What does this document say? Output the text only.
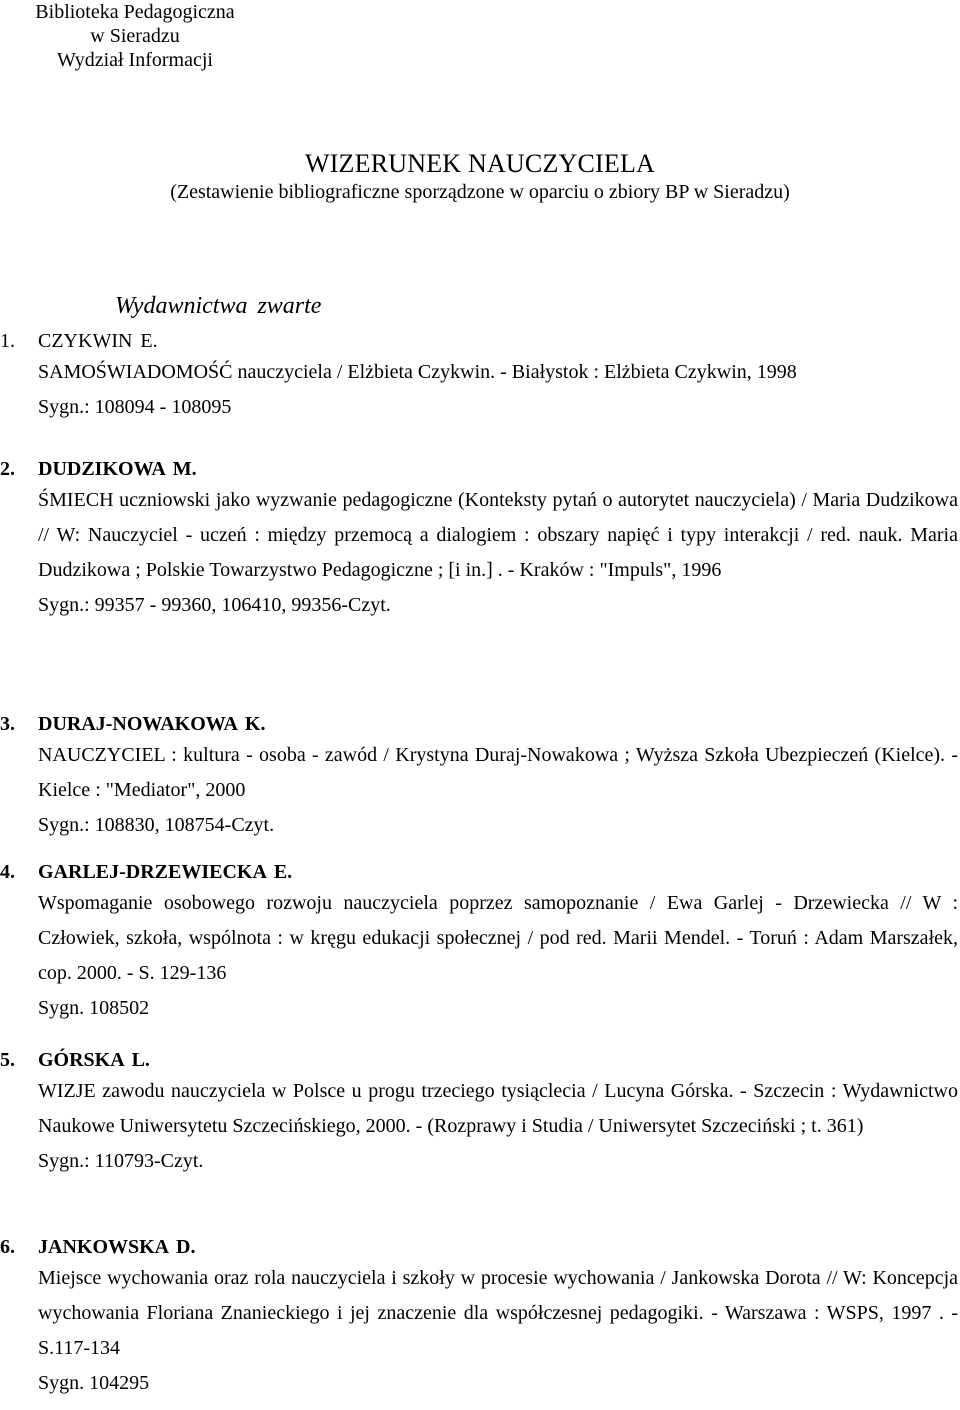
Biblioteka Pedagogiczna
w Sieradzu
Wydział Informacji
WIZERUNEK NAUCZYCIELA
(Zestawienie bibliograficzne sporządzone w oparciu o zbiory BP w Sieradzu)
Wydawnictwa zwarte
1.	CZYKWIN E.
SAMOŚWIADOMOŚĆ nauczyciela / Elżbieta Czykwin. - Białystok : Elżbieta Czykwin, 1998
Sygn.: 108094 - 108095
2.	DUDZIKOWA M.
ŚMIECH uczniowski jako wyzwanie pedagogiczne (Konteksty pytań o autorytet nauczyciela) / Maria Dudzikowa // W: Nauczyciel - uczeń : między przemocą a dialogiem : obszary napięć i typy interakcji / red. nauk. Maria Dudzikowa ; Polskie Towarzystwo Pedagogiczne ; [i in.] . - Kraków : "Impuls", 1996
Sygn.: 99357 - 99360, 106410, 99356-Czyt.
3.	DURAJ-NOWAKOWA K.
NAUCZYCIEL : kultura - osoba - zawód / Krystyna Duraj-Nowakowa ; Wyższa Szkoła Ubezpieczeń (Kielce). - Kielce : "Mediator", 2000
Sygn.: 108830, 108754-Czyt.
4.	GARLEJ-DRZEWIECKA E.
Wspomaganie osobowego rozwoju nauczyciela poprzez samopoznanie / Ewa Garlej - Drzewiecka // W : Człowiek, szkoła, wspólnota : w kręgu edukacji społecznej / pod red. Marii Mendel. - Toruń : Adam Marszałek, cop. 2000. - S. 129-136
Sygn. 108502
5.	GÓRSKA L.
WIZJE zawodu nauczyciela w Polsce u progu trzeciego tysiąclecia / Lucyna Górska. - Szczecin : Wydawnictwo Naukowe Uniwersytetu Szczecińskiego, 2000. - (Rozprawy i Studia / Uniwersytet Szczeciński ; t. 361)
Sygn.: 110793-Czyt.
6.	JANKOWSKA D.
Miejsce wychowania oraz rola nauczyciela i szkoły w procesie wychowania / Jankowska Dorota // W: Koncepcja wychowania Floriana Znanieckiego i jej znaczenie dla współczesnej pedagogiki. - Warszawa : WSPS, 1997 . - S.117-134
Sygn. 104295
